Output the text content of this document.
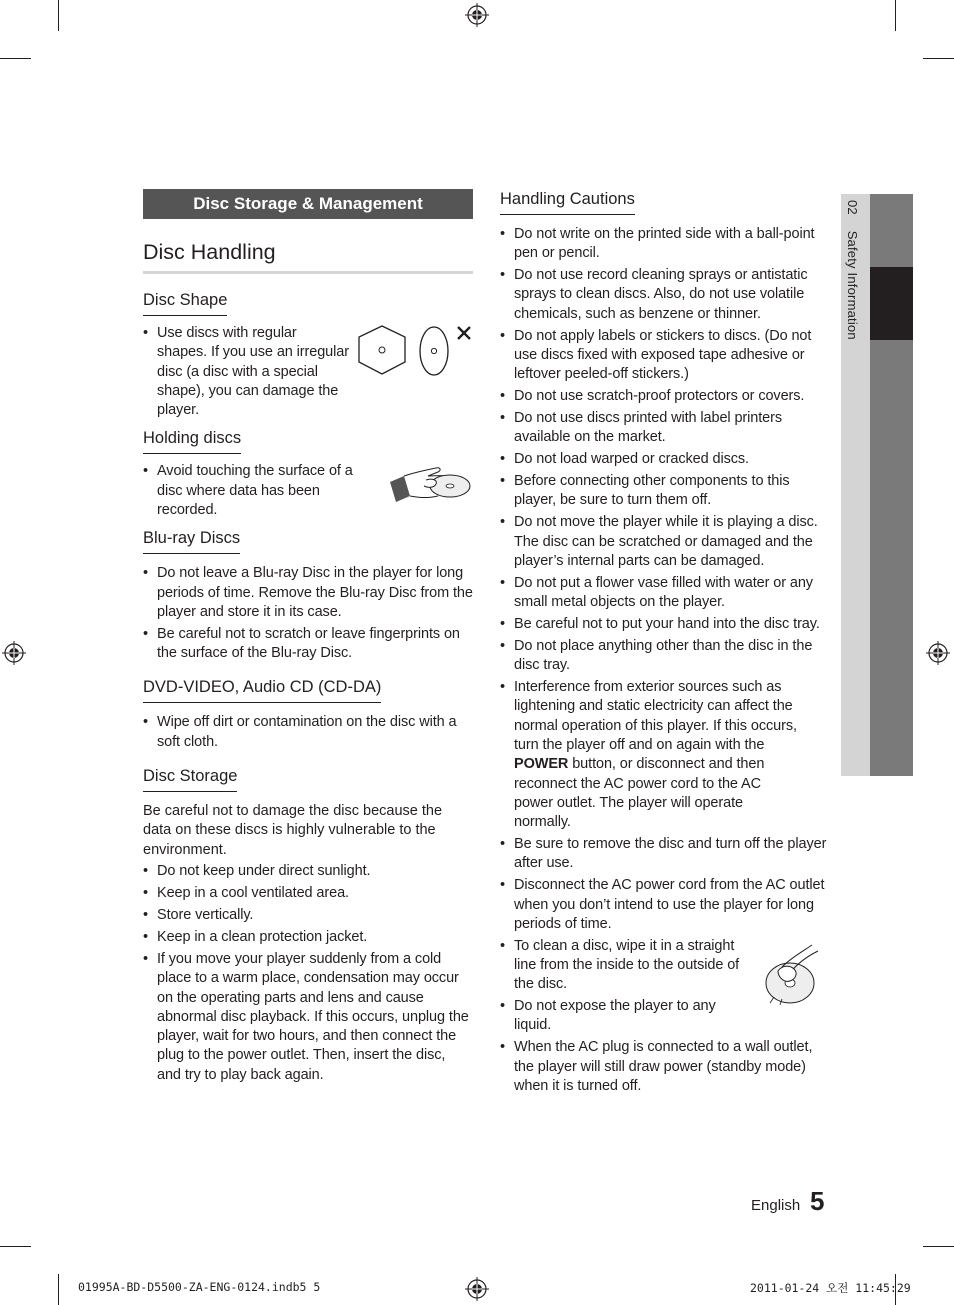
Disc Storage & Management
Disc Handling
Disc Shape
• Use discs with regular shapes. If you use an irregular disc (a disc with a special shape), you can damage the player.
Holding discs
• Avoid touching the surface of a disc where data has been recorded.
Blu-ray Discs
• Do not leave a Blu-ray Disc in the player for long periods of time. Remove the Blu-ray Disc from the player and store it in its case.
• Be careful not to scratch or leave fingerprints on the surface of the Blu-ray Disc.
DVD-VIDEO, Audio CD (CD-DA)
• Wipe off dirt or contamination on the disc with a soft cloth.
Disc Storage

Be careful not to damage the disc because the data on these discs is highly vulnerable to the environment.

• Do not keep under direct sunlight.
• Keep in a cool ventilated area.
• Store vertically.
• Keep in a clean protection jacket.
• If you move your player suddenly from a cold place to a warm place, condensation may occur on the operating parts and lens and cause abnormal disc playback. If this occurs, unplug the player, wait for two hours, and then connect the plug to the power outlet. Then, insert the disc, and try to play back again.
Handling Cautions
• Do not write on the printed side with a ball-point pen or pencil.
• Do not use record cleaning sprays or antistatic sprays to clean discs. Also, do not use volatile chemicals, such as benzene or thinner.
• Do not apply labels or stickers to discs. (Do not use discs fixed with exposed tape adhesive or leftover peeled-off stickers.)
• Do not use scratch-proof protectors or covers.
• Do not use discs printed with label printers available on the market.
• Do not load warped or cracked discs.
• Before connecting other components to this player, be sure to turn them off.
• Do not move the player while it is playing a disc. The disc can be scratched or damaged and the player’s internal parts can be damaged.
• Do not put a flower vase filled with water or any small metal objects on the player.
• Be careful not to put your hand into the disc tray.
• Do not place anything other than the disc in the disc tray.
• Interference from exterior sources such as lightening and static electricity can affect the normal operation of this player. If this occurs, turn the player off and on again with the POWER button, or disconnect and then reconnect the AC power cord to the AC power outlet. The player will operate normally.
• Be sure to remove the disc and turn off the player after use.
• Disconnect the AC power cord from the AC outlet when you don’t intend to use the player for long periods of time.
• To clean a disc, wipe it in a straight line from the inside to the outside of the disc.
• Do not expose the player to any liquid.
• When the AC plug is connected to a wall outlet, the player will still draw power (standby mode) when it is turned off.
02 Safety Information
English 5
01995A-BD-D5500-ZA-ENG-0124.indb5 5	2011-01-24 오전 11:45:29
